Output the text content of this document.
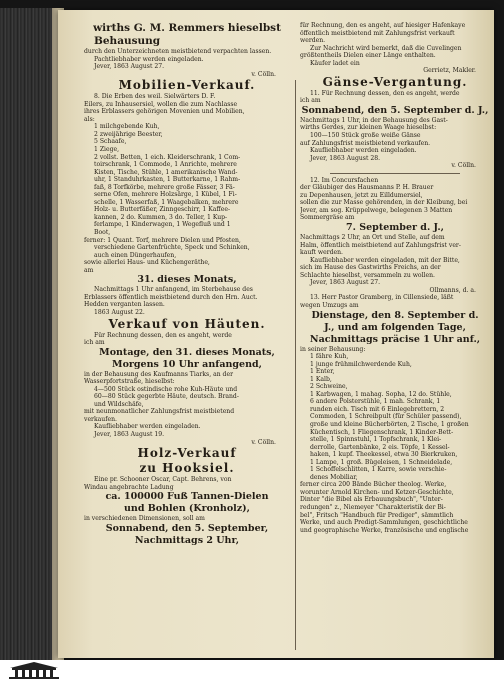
wirths G. M. Remmers hieselbst

Behausung

durch den Unterzeichneten meistbietend verpachten lassen.

Pachtliebhaber werden eingeladen.

Jever, 1863 August 27.

v. Cölln.

Mobilien-Verkauf.

8. Die Erben des weil. Sielwärters D. F.

Eilers, zu Inhausersiel, wollen die zum Nachlasse

ihres Erblassers gehörigen Movenien und Mobilien,

als:

1 milchgebende Kuh,

2 zweijährige Beester,

5 Schaafe,

1 Ziege,

2 vollst. Betten, 1 eich. Kleiderschrank, 1 Com-

toirschrank, 1 Commode, 1 Anrichte, mehrere

Kisten, Tische, Stühle, 1 amerikanische Wand-

uhr, 1 Standuhrkasten, 1 Butterkarne, 1 Rahm-

faß, 8 Torfkörbe, mehrere große Fässer, 3 Fä-

serne Ofen, mehrere Holzsärge, 1 Kübel, 1 Fi-

schelle, 1 Wasserfaß, 1 Waagebalken, mehrere

Holz- u. Butterfäßer, Zinngeschirr, 1 Kaffee-

kannen, 2 do. Kummen, 3 do. Teller, 1 Kup-

ferlampe, 1 Kinderwagen, 1 Wegefluß und 1

Boot,

ferner: 1 Quant. Torf, mehrere Dielen und Pfosten,

verschiedene Gartenfrüchte, Speck und Schinken,

auch einen Düngerhaufen,

sowie allerlei Haus- und Küchengeräthe,

am

31. dieses Monats,

Nachmittags 1 Uhr anfangend, im Sterbehause des

Erblassers öffentlich meistbietend durch den Hrn. Auct.

Hedden verganten lassen.

1863 August 22.

Verkauf von Häuten.

Für Rechnung dessen, den es angeht, werde

ich am

Montage, den 31. dieses Monats,

Morgens 10 Uhr anfangend,

in der Behausung des Kaufmanns Tiarks, an der

Wasserpfortstraße, hieselbst:

4—500 Stück ostindische rohe Kuh-Häute und

60—80 Stück gegerbte Häute, deutsch. Brand-

und Wildschäfe,

mit neunmonatlicher Zahlungsfrist meistbietend

verkaufen.

Kaufliebhaber werden eingeladen.

Jever, 1863 August 19.

v. Cölln.

Holz-Verkauf

zu Hooksiel.

Eine pr. Schooner Oscar, Capt. Behrens, von

Windau angebrachte Ladung

ca. 100000 Fuß Tannen-Dielen

und Bohlen (Kronholz),

in verschiedenen Dimensionen, soll am

Sonnabend, den 5. September,

Nachmittags 2 Uhr,

für Rechnung, den es angeht, auf hiesiger Hafenkaye

öffentlich meistbietend mit Zahlungsfrist verkauft

werden.

Zur Nachricht wird bemerkt, daß die Cuvelingen

größtentheils Dielen einer Länge enthalten.

Käufer ladet ein

Gerrietz, Makler.

Gänse-Vergantung.

11. Für Rechnung dessen, den es angeht, werde

ich am

Sonnabend, den 5. September d. J.,

Nachmittags 1 Uhr, in der Behausung des Gast-

wirths Gerdes, zur kleinen Waage hieselbst:

100—150 Stück große weiße Gänse

auf Zahlungsfrist meistbietend verkaufen.

Kaufliebhaber werden eingeladen.

Jever, 1863 August 28.

v. Cölln.

12. Im Concursfachen

der Gläubiger des Hausmanns P. H. Brauer

zu Depenhausen, jetzt zu Eilldumersiel,

sollen die zur Masse gehörenden, in der Kleibung, bei

Jever, am sog. Krüppelwege, belegenen 3 Matten

Sommergräse am

7. September d. J.,

Nachmittags 2 Uhr, an Ort und Stelle, auf dem

Halm, öffentlich meistbietend auf Zahlungsfrist ver-

kauft werden.

Kaufliebhaber werden eingeladen, mit der Bitte,

sich im Hause des Gastwirths Freichs, an der

Schlachte hieselbst, versammeln zu wollen.

Jever, 1863 August 27.

Ollmanns, d. a.

13. Herr Pastor Gramberg, in Cillensiede, läßt

wegen Umzugs am

Dienstage, den 8. September d.

J., und am folgenden Tage,

Nachmittags präcise 1 Uhr anf.,

in seiner Behausung:

1 fähre Kuh,

1 junge frühmilchwerdende Kuh,

1 Enter,

1 Kalb,

2 Schweine,

1 Karbwagen, 1 mahag. Sopha, 12 do. Stühle,

6 andere Polsterstühle, 1 mah. Schrank, 1

runden eich. Tisch mit 6 Einlegebrettern, 2

Commoden, 1 Schreibpult (für Schüler passend),

große und kleine Bücherbörten, 2 Tische, 1 großen

Küchentisch, 1 Fliegenschrank, 1 Kinder-Bett-

stelle, 1 Spinnstuhl, 1 Topfschrank, 1 Klei-

derrolle, Gartenbänke, 2 eis. Töpfe, 1 Kessel-

haken, 1 kupf. Theekessel, etwa 30 Bierkruken,

1 Lampe, 1 groß. Bügeleisen, 1 Schneidelade,

1 Schoffelschlitten, 1 Karre, sowie verschie-

denes Mobiliar,

ferner circa 200 Bände Bücher theolog. Werke,

worunter Arnold Kirchen- und Ketzer-Geschichte,

Dinter "die Bibel als Erbauungsbuch", "Unter-

redungen" z., Niemeyer "Charakteristik der Bi-

bel", Fritsch "Handbuch für Prediger", sämmtlich

Werke, und auch Predigt-Sammlungen, geschichtliche

und geographische Werke, französische und englische
